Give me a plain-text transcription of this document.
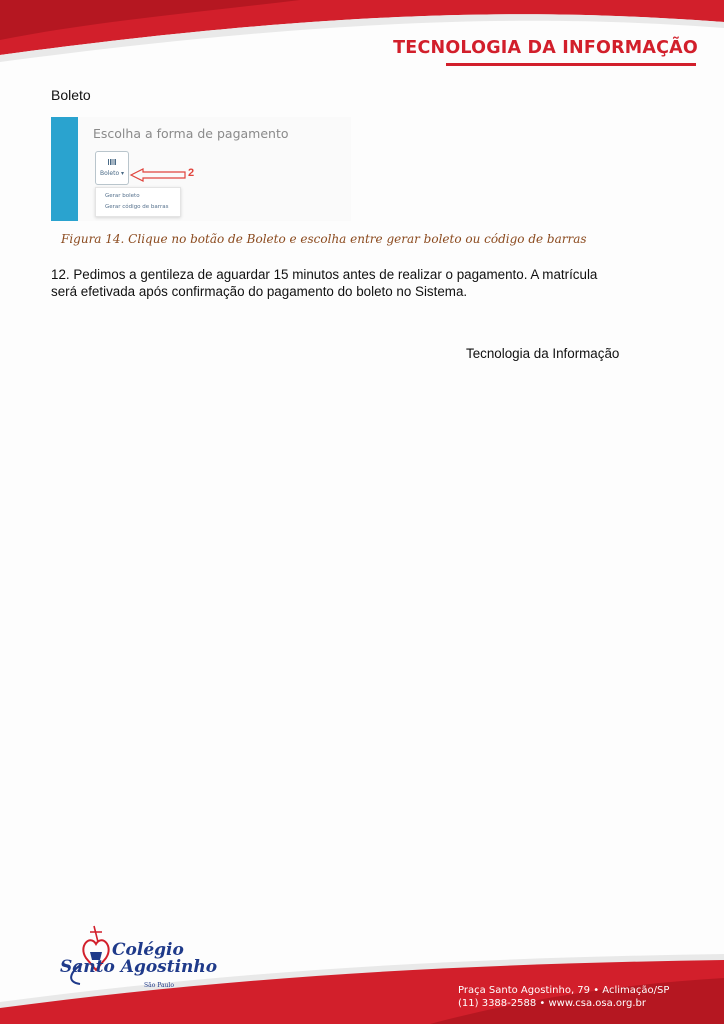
TECNOLOGIA DA INFORMAÇÃO
Boleto
Escolha a forma de pagamento
Boleto ▾	2
Gerar boleto
Gerar código de barras
Figura 14. Clique no botão de Boleto e escolha entre gerar boleto ou código de barras
12. Pedimos a gentileza de aguardar 15 minutos antes de realizar o pagamento. A matrícula será efetivada após confirmação do pagamento do boleto no Sistema.
Tecnologia da Informação
Praça Santo Agostinho, 79 • Aclimação/SP
(11) 3388-2588 • www.csa.osa.org.br
Colégio
Santo Agostinho
São Paulo
